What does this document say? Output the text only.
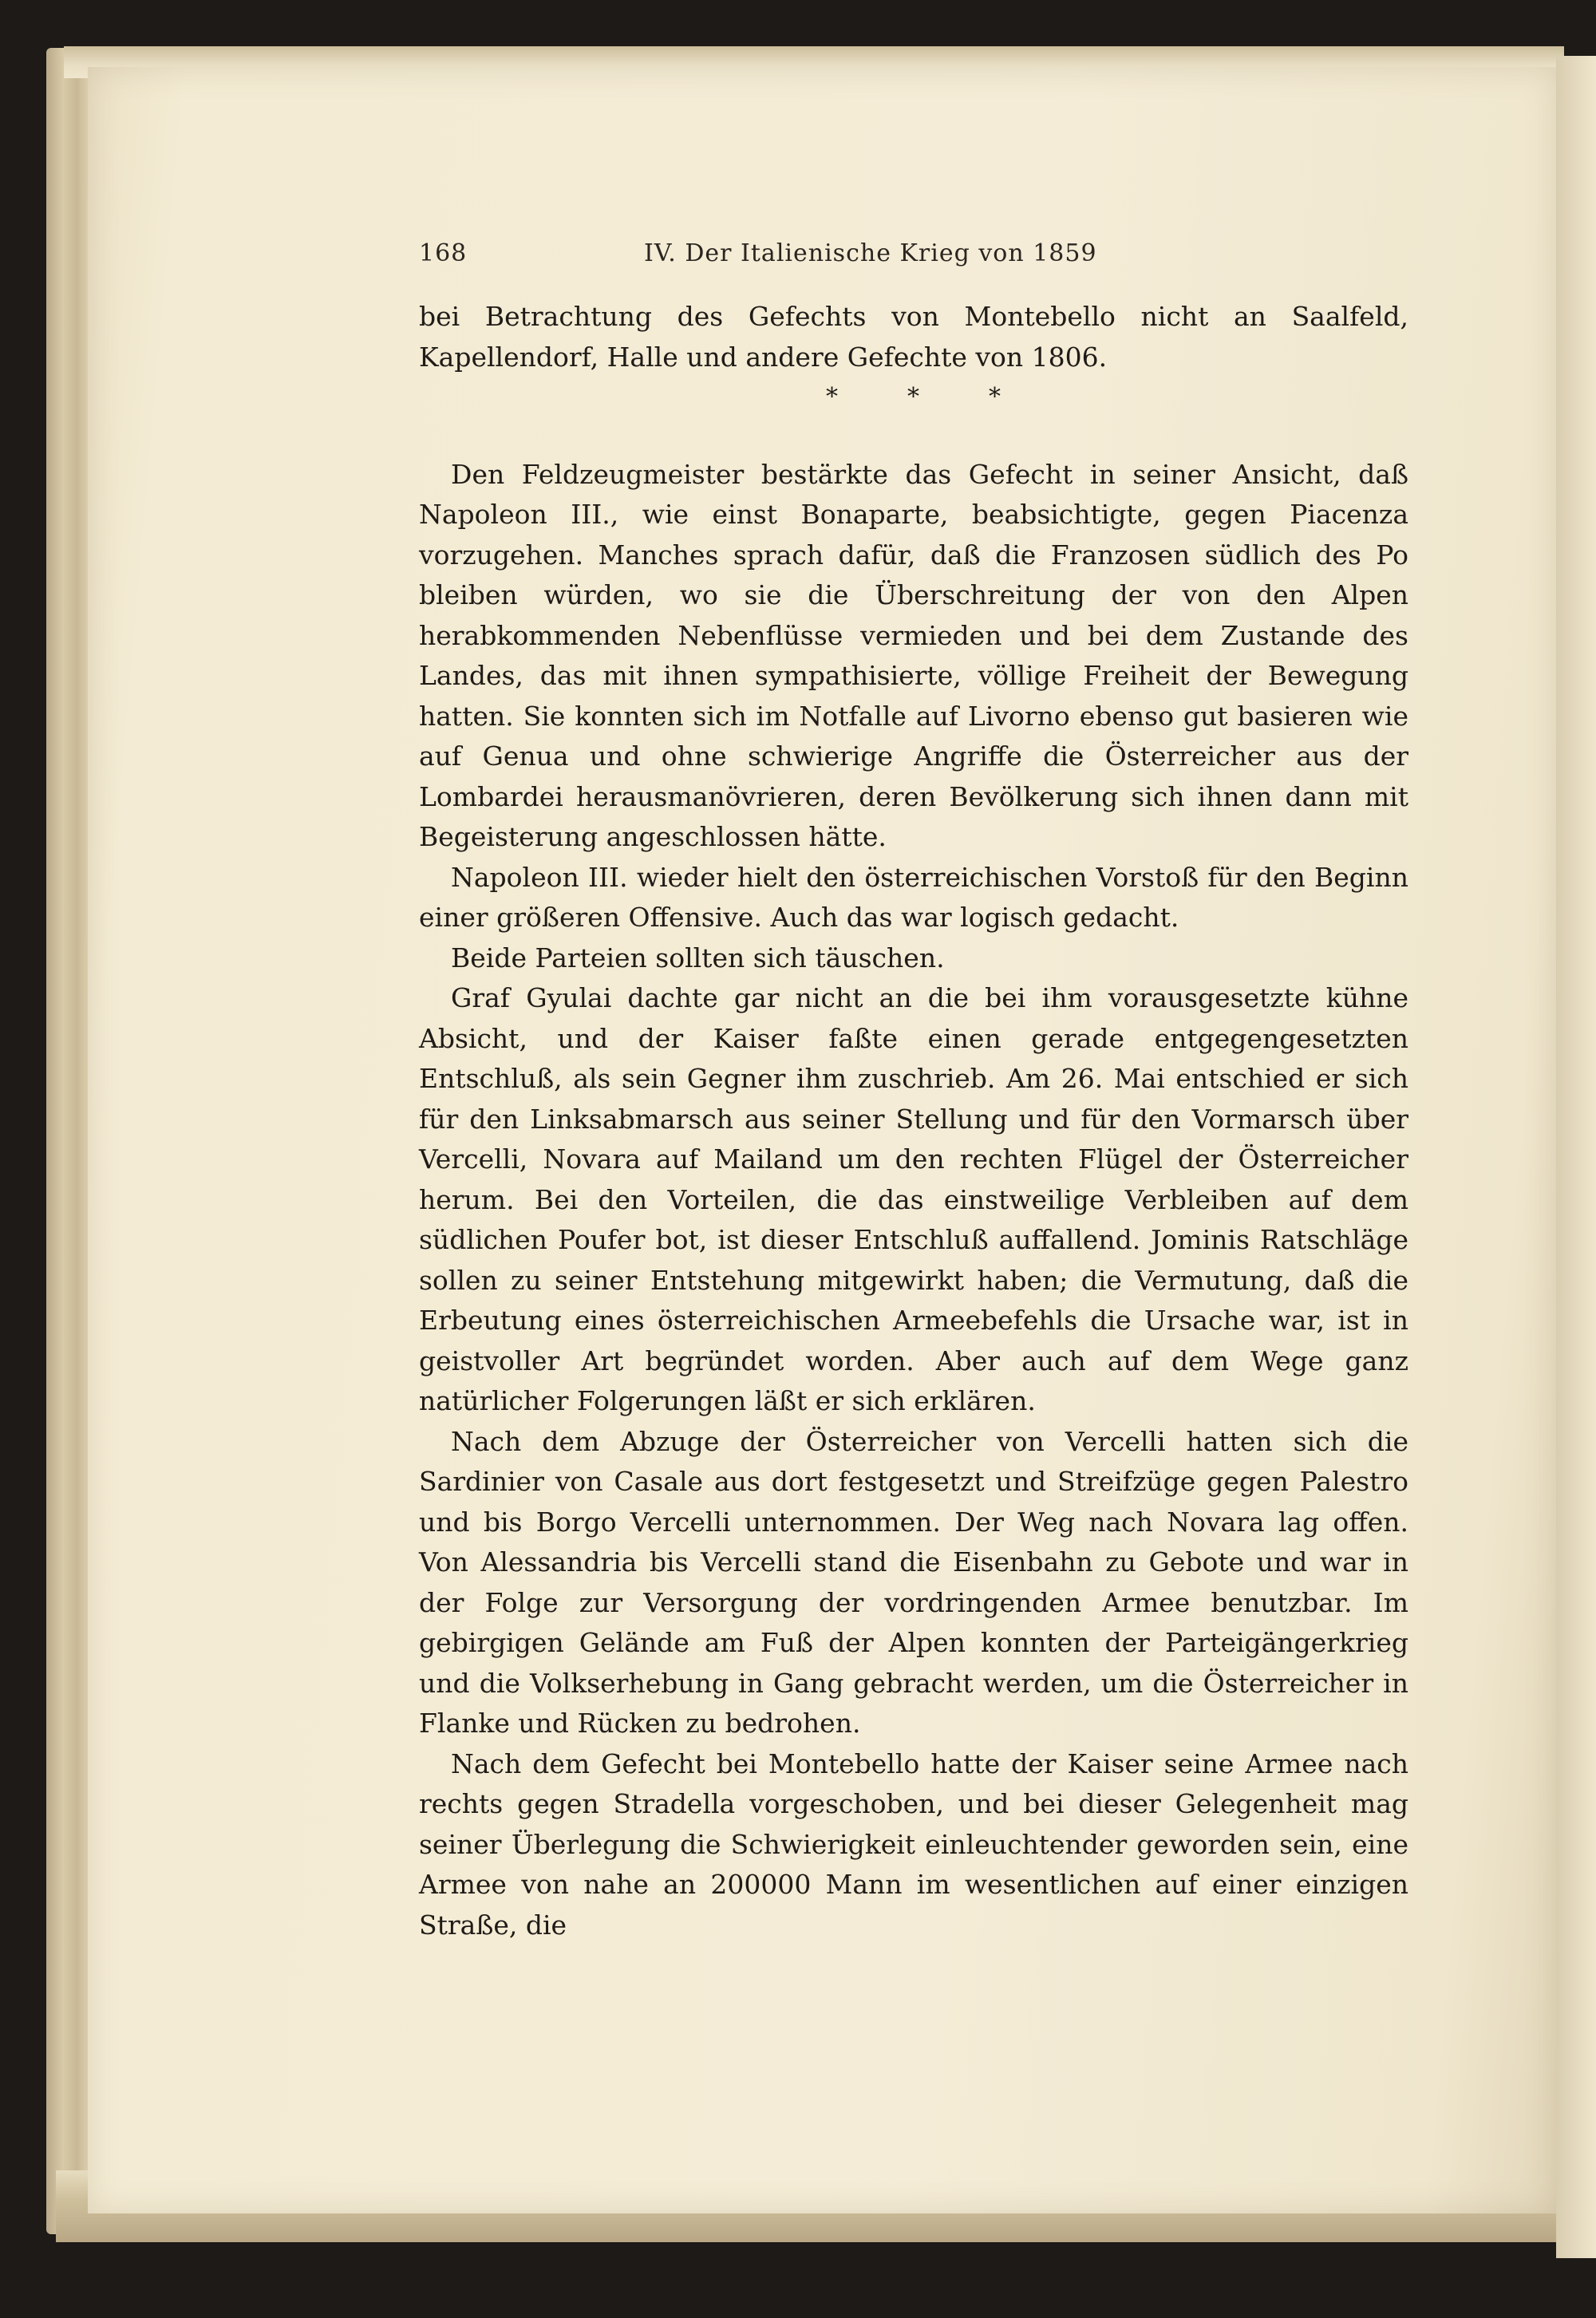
168	IV. Der Italienische Krieg von 1859

bei Betrachtung des Gefechts von Montebello nicht an Saalfeld, Kapellendorf, Halle und andere Gefechte von 1806.

*	*	*

Den Feldzeugmeister bestärkte das Gefecht in seiner Ansicht, daß Napoleon III., wie einst Bonaparte, beabsichtigte, gegen Piacenza vorzugehen. Manches sprach dafür, daß die Franzosen südlich des Po bleiben würden, wo sie die Überschreitung der von den Alpen herabkommenden Nebenflüsse vermieden und bei dem Zustande des Landes, das mit ihnen sympathisierte, völlige Freiheit der Bewegung hatten. Sie konnten sich im Notfalle auf Livorno ebenso gut basieren wie auf Genua und ohne schwierige Angriffe die Österreicher aus der Lombardei herausmanövrieren, deren Bevölkerung sich ihnen dann mit Begeisterung angeschlossen hätte.

Napoleon III. wieder hielt den österreichischen Vorstoß für den Beginn einer größeren Offensive. Auch das war logisch gedacht.

Beide Parteien sollten sich täuschen.

Graf Gyulai dachte gar nicht an die bei ihm vorausgesetzte kühne Absicht, und der Kaiser faßte einen gerade entgegengesetzten Entschluß, als sein Gegner ihm zuschrieb. Am 26. Mai entschied er sich für den Linksabmarsch aus seiner Stellung und für den Vormarsch über Vercelli, Novara auf Mailand um den rechten Flügel der Österreicher herum. Bei den Vorteilen, die das einstweilige Verbleiben auf dem südlichen Poufer bot, ist dieser Entschluß auffallend. Jominis Ratschläge sollen zu seiner Entstehung mitgewirkt haben; die Vermutung, daß die Erbeutung eines österreichischen Armeebefehls die Ursache war, ist in geistvoller Art begründet worden. Aber auch auf dem Wege ganz natürlicher Folgerungen läßt er sich erklären.

Nach dem Abzuge der Österreicher von Vercelli hatten sich die Sardinier von Casale aus dort festgesetzt und Streifzüge gegen Palestro und bis Borgo Vercelli unternommen. Der Weg nach Novara lag offen. Von Alessandria bis Vercelli stand die Eisenbahn zu Gebote und war in der Folge zur Versorgung der vordringenden Armee benutzbar. Im gebirgigen Gelände am Fuß der Alpen konnten der Parteigängerkrieg und die Volkserhebung in Gang gebracht werden, um die Österreicher in Flanke und Rücken zu bedrohen.

Nach dem Gefecht bei Montebello hatte der Kaiser seine Armee nach rechts gegen Stradella vorgeschoben, und bei dieser Gelegenheit mag seiner Überlegung die Schwierigkeit einleuchtender geworden sein, eine Armee von nahe an 200000 Mann im wesentlichen auf einer einzigen Straße, die
